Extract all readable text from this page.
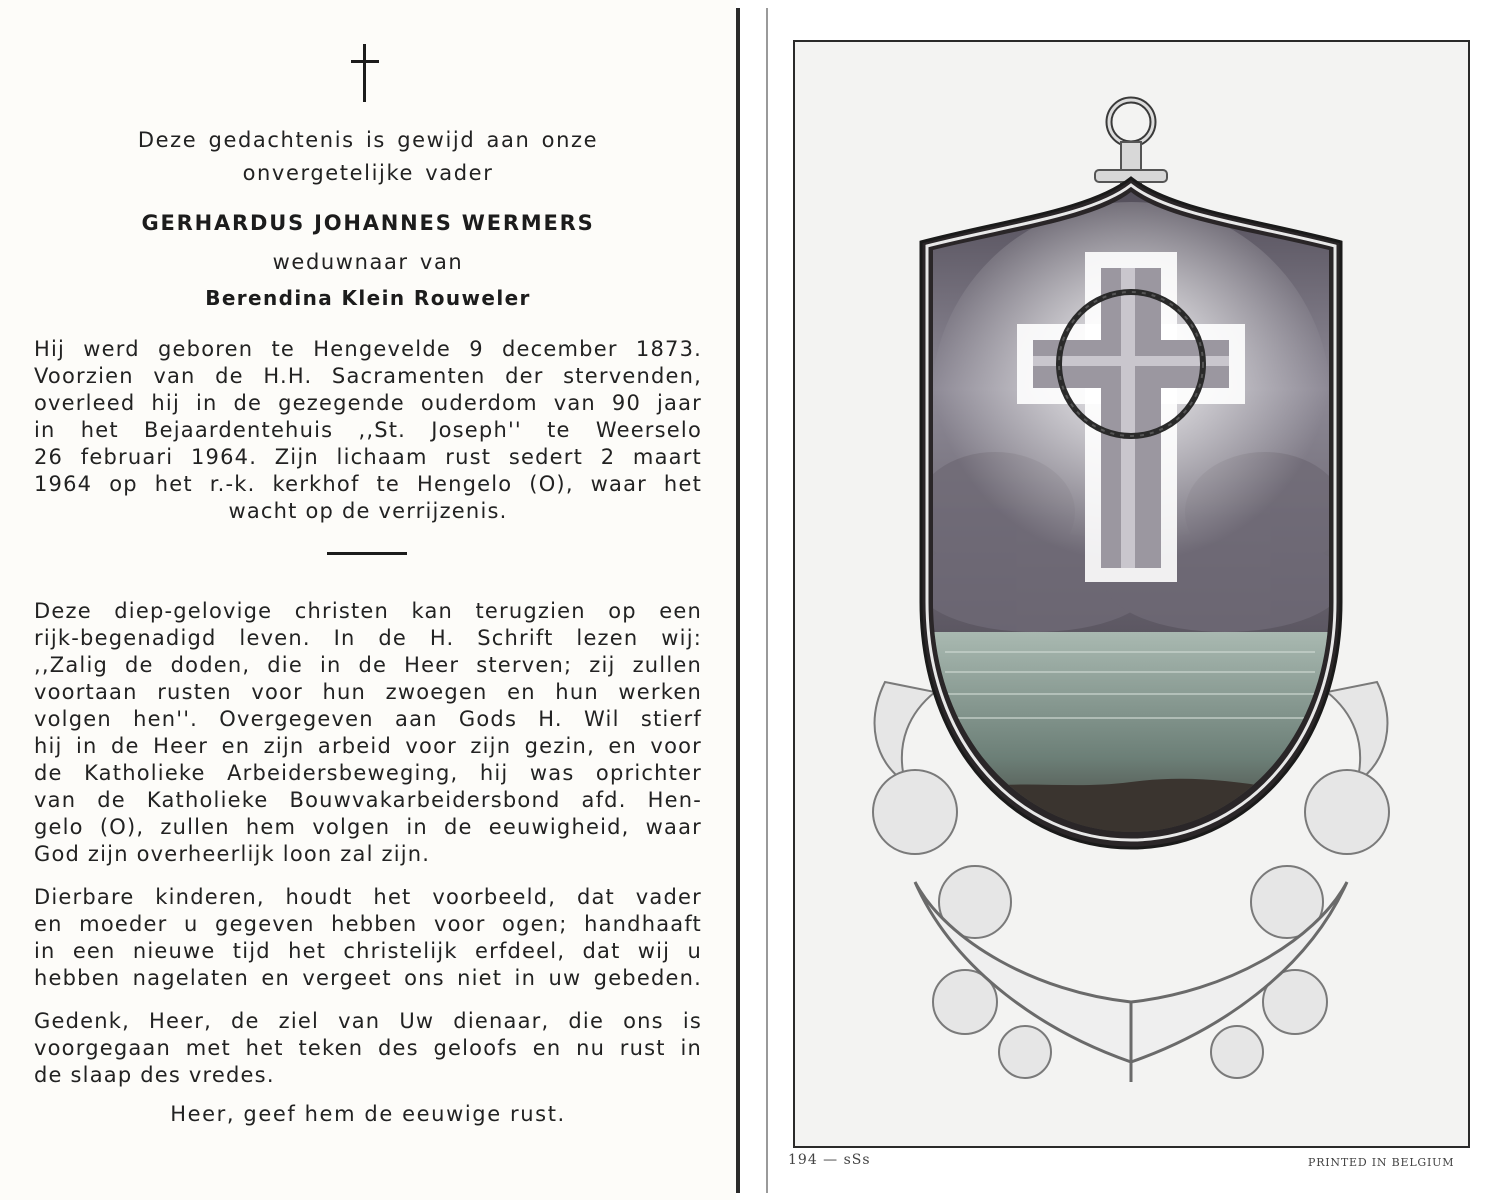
Deze gedachtenis is gewijd aan onze
onvergetelijke vader
GERHARDUS JOHANNES WERMERS
weduwnaar van
Berendina Klein Rouweler
Hij werd geboren te Hengevelde 9 december 1873.
Voorzien van de H.H. Sacramenten der stervenden,
overleed hij in de gezegende ouderdom van 90 jaar
in het Bejaardentehuis ,,St. Joseph'' te Weerselo
26 februari 1964. Zijn lichaam rust sedert 2 maart
1964 op het r.-k. kerkhof te Hengelo (O), waar het
wacht op de verrijzenis.
Deze diep-gelovige christen kan terugzien op een
rijk-begenadigd leven. In de H. Schrift lezen wij:
,,Zalig de doden, die in de Heer sterven; zij zullen
voortaan rusten voor hun zwoegen en hun werken
volgen hen''. Overgegeven aan Gods H. Wil stierf
hij in de Heer en zijn arbeid voor zijn gezin, en voor
de Katholieke Arbeidersbeweging, hij was oprichter
van de Katholieke Bouwvakarbeidersbond afd. Hen-
gelo (O), zullen hem volgen in de eeuwigheid, waar
God zijn overheerlijk loon zal zijn.
Dierbare kinderen, houdt het voorbeeld, dat vader
en moeder u gegeven hebben voor ogen; handhaaft
in een nieuwe tijd het christelijk erfdeel, dat wij u
hebben nagelaten en vergeet ons niet in uw gebeden.
Gedenk, Heer, de ziel van Uw dienaar, die ons is
voorgegaan met het teken des geloofs en nu rust in
de slaap des vredes.
Heer, geef hem de eeuwige rust.
194 — sSs	PRINTED IN BELGIUM
